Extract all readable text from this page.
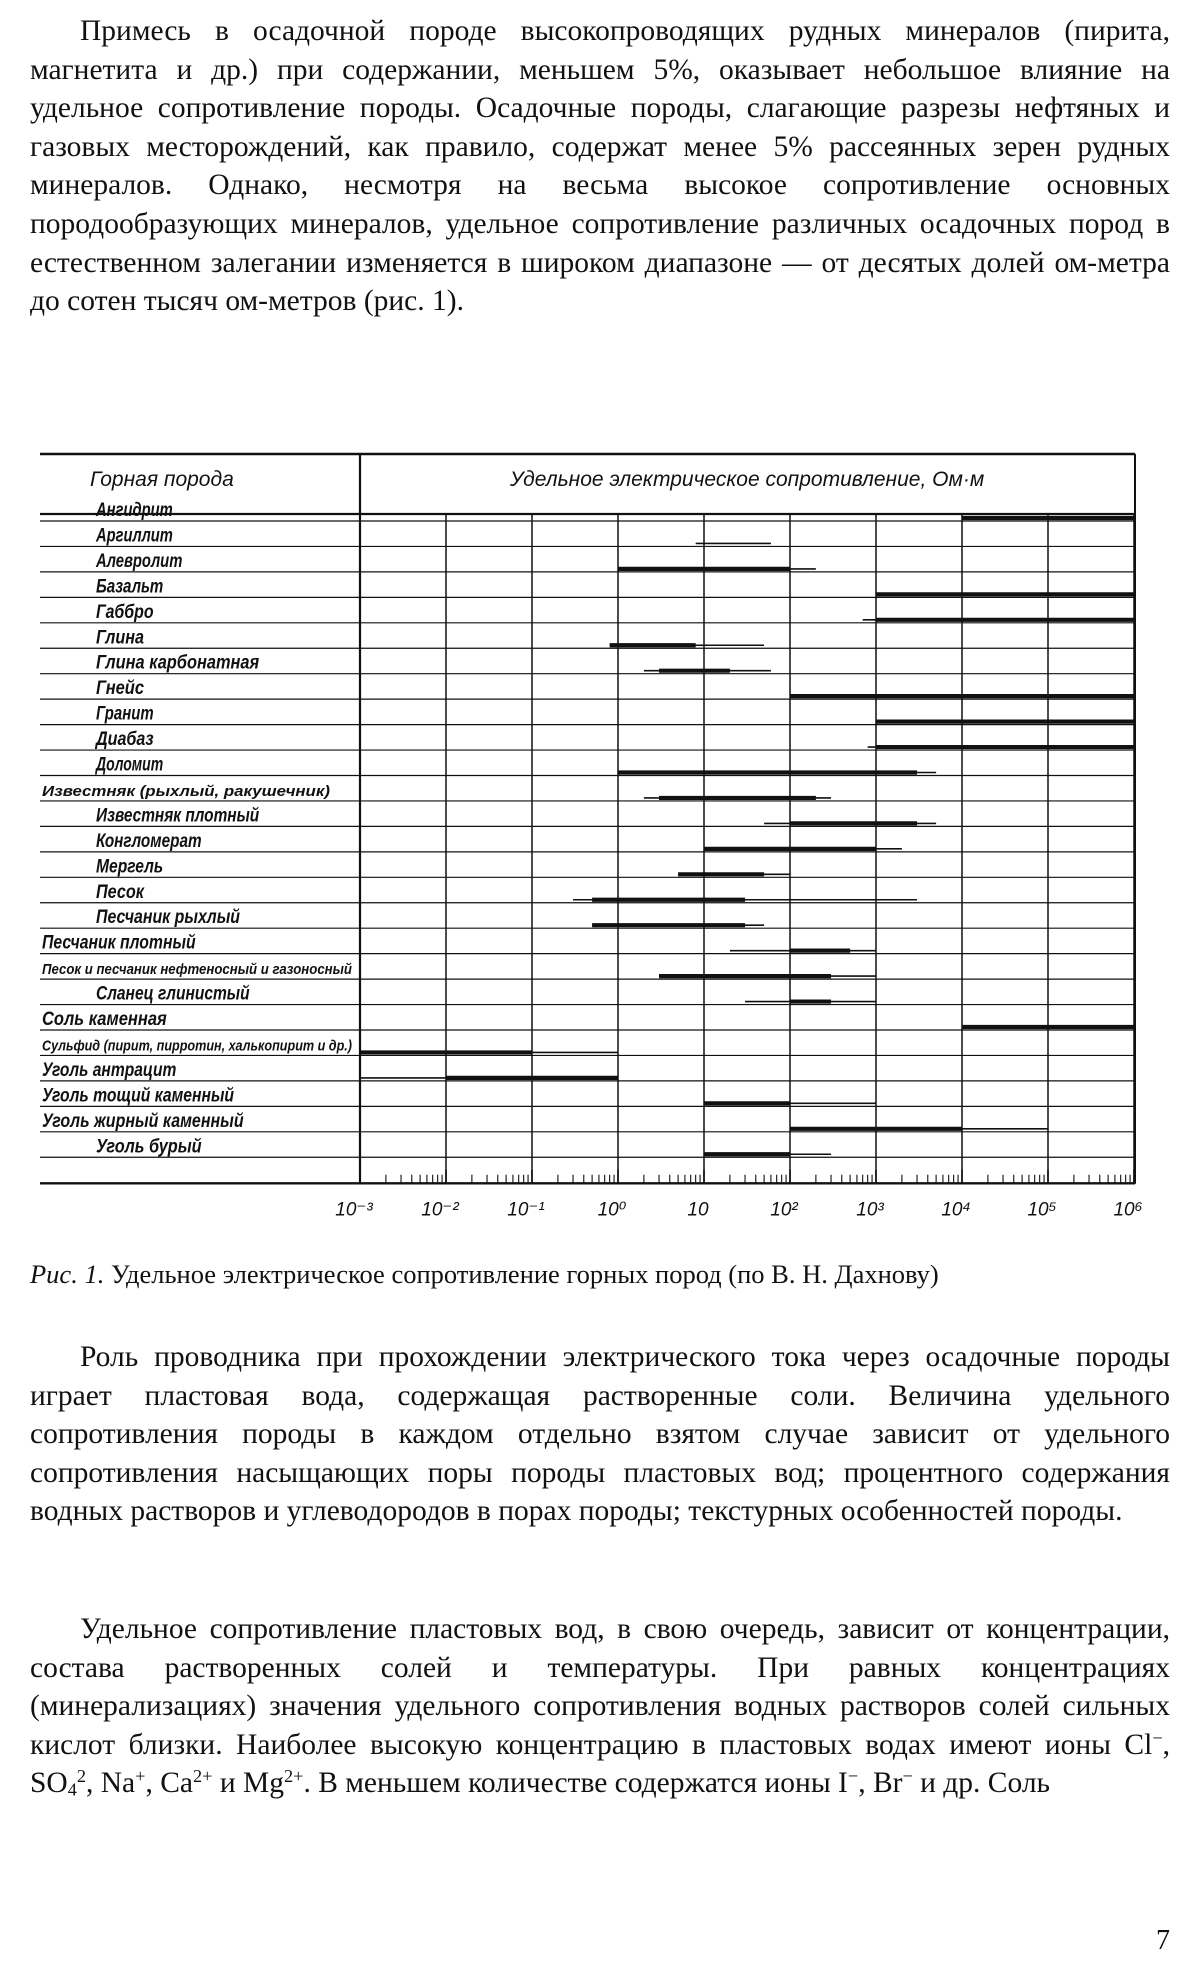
Примесь в осадочной породе высокопроводящих рудных минералов (пирита, магнетита и др.) при содержании, меньшем 5%, оказывает небольшое влияние на удельное сопротивление породы. Осадочные породы, слагающие разрезы нефтяных и газовых месторождений, как правило, содержат менее 5% рассеянных зерен рудных минералов. Однако, несмотря на весьма высокое сопротивление основных породообразующих минералов, удельное сопротивление различных осадочных пород в естественном залегании изменяется в широком диапазоне — от десятых долей ом-метра до сотен тысяч ом-метров (рис. 1).

Горная порода	Удельное электрическое сопротивление, Ом·м
Ангидрит
Аргиллит
Алевролит
Базальт
Габбро
Глина
Глина карбонатная
Гнейс
Гранит
Диабаз
Доломит
Известняк (рыхлый, ракушечник)
Известняк плотный
Конгломерат
Мергель
Песок
Песчаник рыхлый
Песчаник плотный
Песок и песчаник нефтеносный и газоносный
Сланец глинистый
Соль каменная
Сульфид (пирит, пирротин, халькопирит и др.)
Уголь антрацит
Уголь тощий каменный
Уголь жирный каменный
Уголь бурый
10⁻³	10⁻²	10⁻¹	10⁰	10	10²	10³	10⁴	10⁵	10⁶

Рис. 1. Удельное электрическое сопротивление горных пород (по В. Н. Дахнову)

Роль проводника при прохождении электрического тока через осадочные породы играет пластовая вода, содержащая растворенные соли. Величина удельного сопротивления породы в каждом отдельно взятом случае зависит от удельного сопротивления насыщающих поры породы пластовых вод; процентного содержания водных растворов и углеводородов в порах породы; текстурных особенностей породы.

Удельное сопротивление пластовых вод, в свою очередь, зависит от концентрации, состава растворенных солей и температуры. При равных концентрациях (минерализациях) значения удельного сопротивления водных растворов солей сильных кислот близки. Наиболее высокую концентрацию в пластовых водах имеют ионы Cl−, $SO_4^2$, Na+, $Ca^{2+}$ и $Mg^{2+}$. В меньшем количестве содержатся ионы I−, Br− и др. Соль

7
